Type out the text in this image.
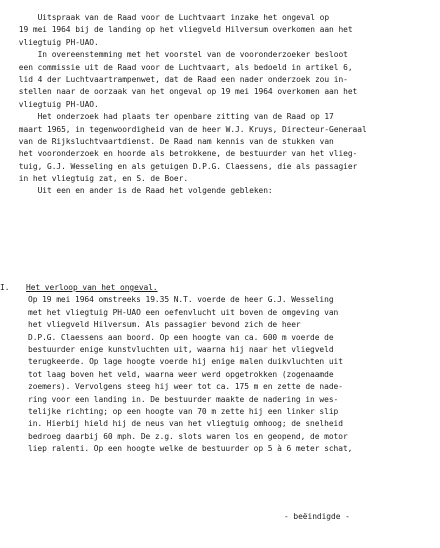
Uitspraak van de Raad voor de Luchtvaart inzake het ongeval op
19 mei 1964 bij de landing op het vliegveld Hilversum overkomen aan het
vliegtuig PH-UAO.
In overeenstemming met het voorstel van de vooronderzoeker besloot
een commissie uit de Raad voor de Luchtvaart, als bedoeld in artikel 6,
lid 4 der Luchtvaartrampenwet, dat de Raad een nader onderzoek zou in-
stellen naar de oorzaak van het ongeval op 19 mei 1964 overkomen aan het
vliegtuig PH-UAO.
Het onderzoek had plaats ter openbare zitting van de Raad op 17
maart 1965, in tegenwoordigheid van de heer W.J. Kruys, Directeur-Generaal
van de Rijksluchtvaartdienst. De Raad nam kennis van de stukken van
het vooronderzoek en hoorde als betrokkene, de bestuurder van het vlieg-
tuig, G.J. Wesseling en als getuigen D.P.G. Claessens, die als passagier
in het vliegtuig zat, en S. de Boer.
Uit een en ander is de Raad het volgende gebleken:
I. Het verloop van het ongeval.
Op 19 mei 1964 omstreeks 19.35 N.T. voerde de heer G.J. Wesseling
met het vliegtuig PH-UAO een oefenvlucht uit boven de omgeving van
het vliegveld Hilversum. Als passagier bevond zich de heer
D.P.G. Claessens aan boord. Op een hoogte van ca. 600 m voerde de
bestuurder enige kunstvluchten uit, waarna hij naar het vliegveld
terugkeerde. Op lage hoogte voerde hij enige malen duikvluchten uit
tot laag boven het veld, waarna weer werd opgetrokken (zogenaamde
zoemers). Vervolgens steeg hij weer tot ca. 175 m en zette de nade-
ring voor een landing in. De bestuurder maakte de nadering in wes-
telijke richting; op een hoogte van 70 m zette hij een linker slip
in. Hierbij hield hij de neus van het vliegtuig omhoog; de snelheid
bedroeg daarbij 60 mph. De z.g. slots waren los en geopend, de motor
liep ralenti. Op een hoogte welke de bestuurder op 5 à 6 meter schat,
- beëindigde -
